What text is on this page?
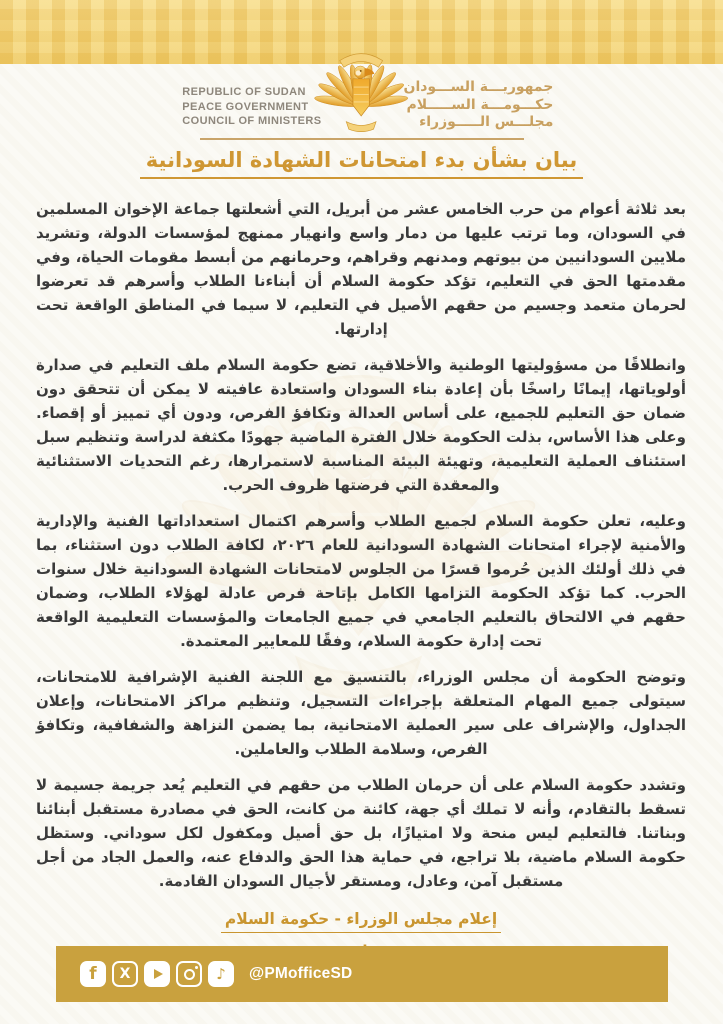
REPUBLIC OF SUDAN
PEACE GOVERNMENT
COUNCIL OF MINISTERS
جمهوريـــة الســـودان
حكـــومـــة الســـــلام
مجلـــس الـــــوزراء
بيان بشأن بدء امتحانات الشهادة السودانية

بعد ثلاثة أعوام من حرب الخامس عشر من أبريل، التي أشعلتها جماعة الإخوان المسلمين في السودان، وما ترتب عليها من دمار واسع وانهيار ممنهج لمؤسسات الدولة، وتشريد ملايين السودانيين من بيوتهم ومدنهم وقراهم، وحرمانهم من أبسط مقومات الحياة، وفي مقدمتها الحق في التعليم، تؤكد حكومة السلام أن أبناءنا الطلاب وأسرهم قد تعرضوا لحرمان متعمد وجسيم من حقهم الأصيل في التعليم، لا سيما في المناطق الواقعة تحت إدارتها.

وانطلاقًا من مسؤوليتها الوطنية والأخلاقية، تضع حكومة السلام ملف التعليم في صدارة أولوياتها، إيمانًا راسخًا بأن إعادة بناء السودان واستعادة عافيته لا يمكن أن تتحقق دون ضمان حق التعليم للجميع، على أساس العدالة وتكافؤ الفرص، ودون أي تمييز أو إقصاء. وعلى هذا الأساس، بذلت الحكومة خلال الفترة الماضية جهودًا مكثفة لدراسة وتنظيم سبل استئناف العملية التعليمية، وتهيئة البيئة المناسبة لاستمرارها، رغم التحديات الاستثنائية والمعقدة التي فرضتها ظروف الحرب.

وعليه، تعلن حكومة السلام لجميع الطلاب وأسرهم اكتمال استعداداتها الفنية والإدارية والأمنية لإجراء امتحانات الشهادة السودانية للعام ٢٠٢٦، لكافة الطلاب دون استثناء، بما في ذلك أولئك الذين حُرموا قسرًا من الجلوس لامتحانات الشهادة السودانية خلال سنوات الحرب. كما تؤكد الحكومة التزامها الكامل بإتاحة فرص عادلة لهؤلاء الطلاب، وضمان حقهم في الالتحاق بالتعليم الجامعي في جميع الجامعات والمؤسسات التعليمية الواقعة تحت إدارة حكومة السلام، وفقًا للمعايير المعتمدة.

وتوضح الحكومة أن مجلس الوزراء، بالتنسيق مع اللجنة الفنية الإشرافية للامتحانات، سيتولى جميع المهام المتعلقة بإجراءات التسجيل، وتنظيم مراكز الامتحانات، وإعلان الجداول، والإشراف على سير العملية الامتحانية، بما يضمن النزاهة والشفافية، وتكافؤ الفرص، وسلامة الطلاب والعاملين.

وتشدد حكومة السلام على أن حرمان الطلاب من حقهم في التعليم يُعد جريمة جسيمة لا تسقط بالتقادم، وأنه لا تملك أي جهة، كائنة من كانت، الحق في مصادرة مستقبل أبنائنا وبناتنا. فالتعليم ليس منحة ولا امتيازًا، بل حق أصيل ومكفول لكل سوداني. وستظل حكومة السلام ماضية، بلا تراجع، في حماية هذا الحق والدفاع عنه، والعمل الجاد من أجل مستقبل آمن، وعادل، ومستقر لأجيال السودان القادمة.

إعلام مجلس الوزراء - حكومة السلام
f X	♪ @PMofficeSD
